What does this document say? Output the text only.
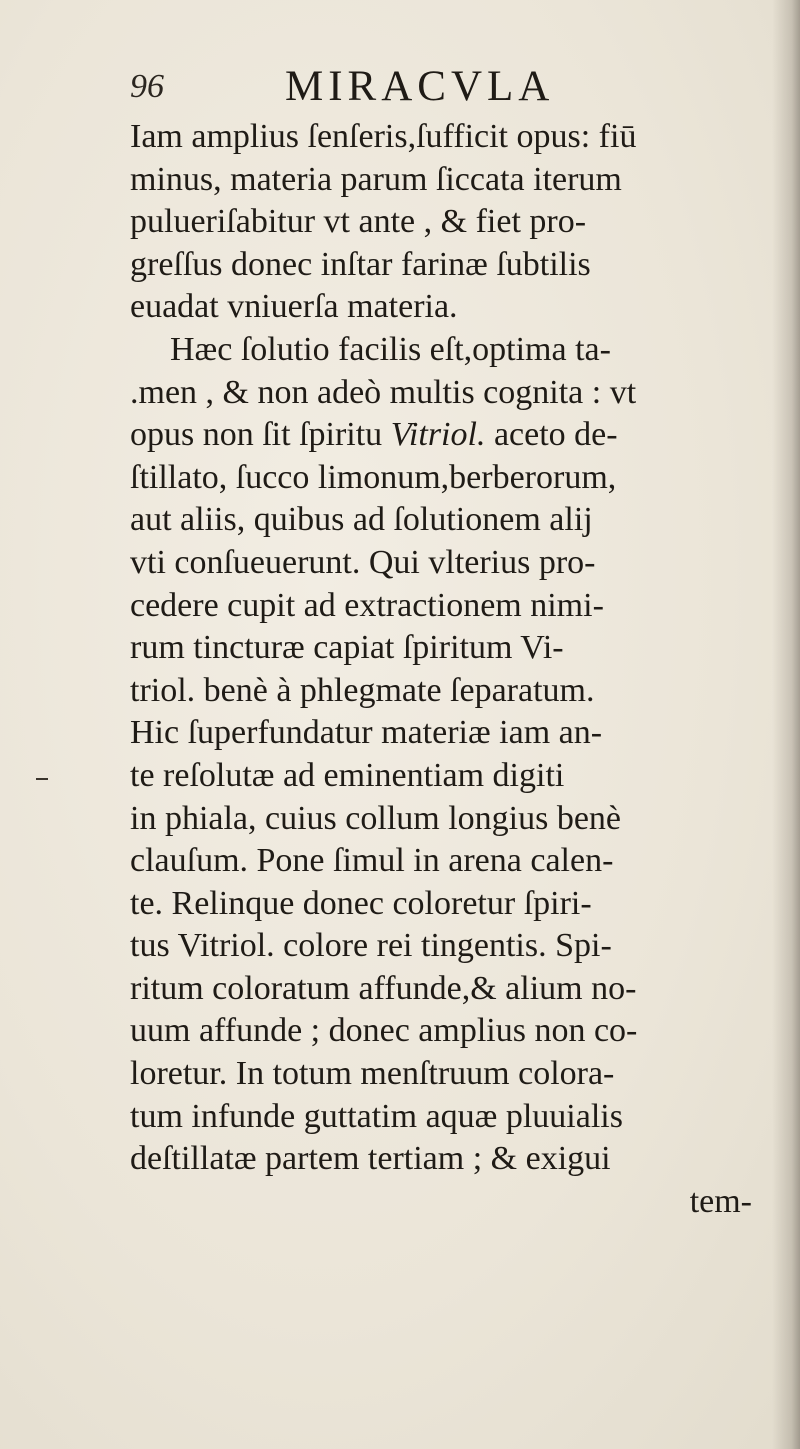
96	MIRACVLA
Iam amplius ſenſeris,ſufficit opus: fiū
minus, materia parum ſiccata iterum
pulueriſabitur vt ante , & fiet pro-
greſſus donec inſtar farinæ ſubtilis
euadat vniuerſa materia.
Hæc ſolutio facilis eſt,optima ta-
.men , & non adeò multis cognita : vt
opus non ſit ſpiritu Vitriol. aceto de-
ſtillato, ſucco limonum,berberorum,
aut aliis, quibus ad ſolutionem alij
vti conſueuerunt. Qui vlterius pro-
cedere cupit ad extractionem nimi-
rum tincturæ capiat ſpiritum Vi-
triol. benè à phlegmate ſeparatum.
Hic ſuperfundatur materiæ iam an-
te reſolutæ ad eminentiam digiti
in phiala, cuius collum longius benè
clauſum. Pone ſimul in arena calen-
te. Relinque donec coloretur ſpiri-
tus Vitriol. colore rei tingentis. Spi-
ritum coloratum affunde,& alium no-
uum affunde ; donec amplius non co-
loretur. In totum menſtruum colora-
tum infunde guttatim aquæ pluuialis
deſtillatæ partem tertiam ; & exigui
tem-
